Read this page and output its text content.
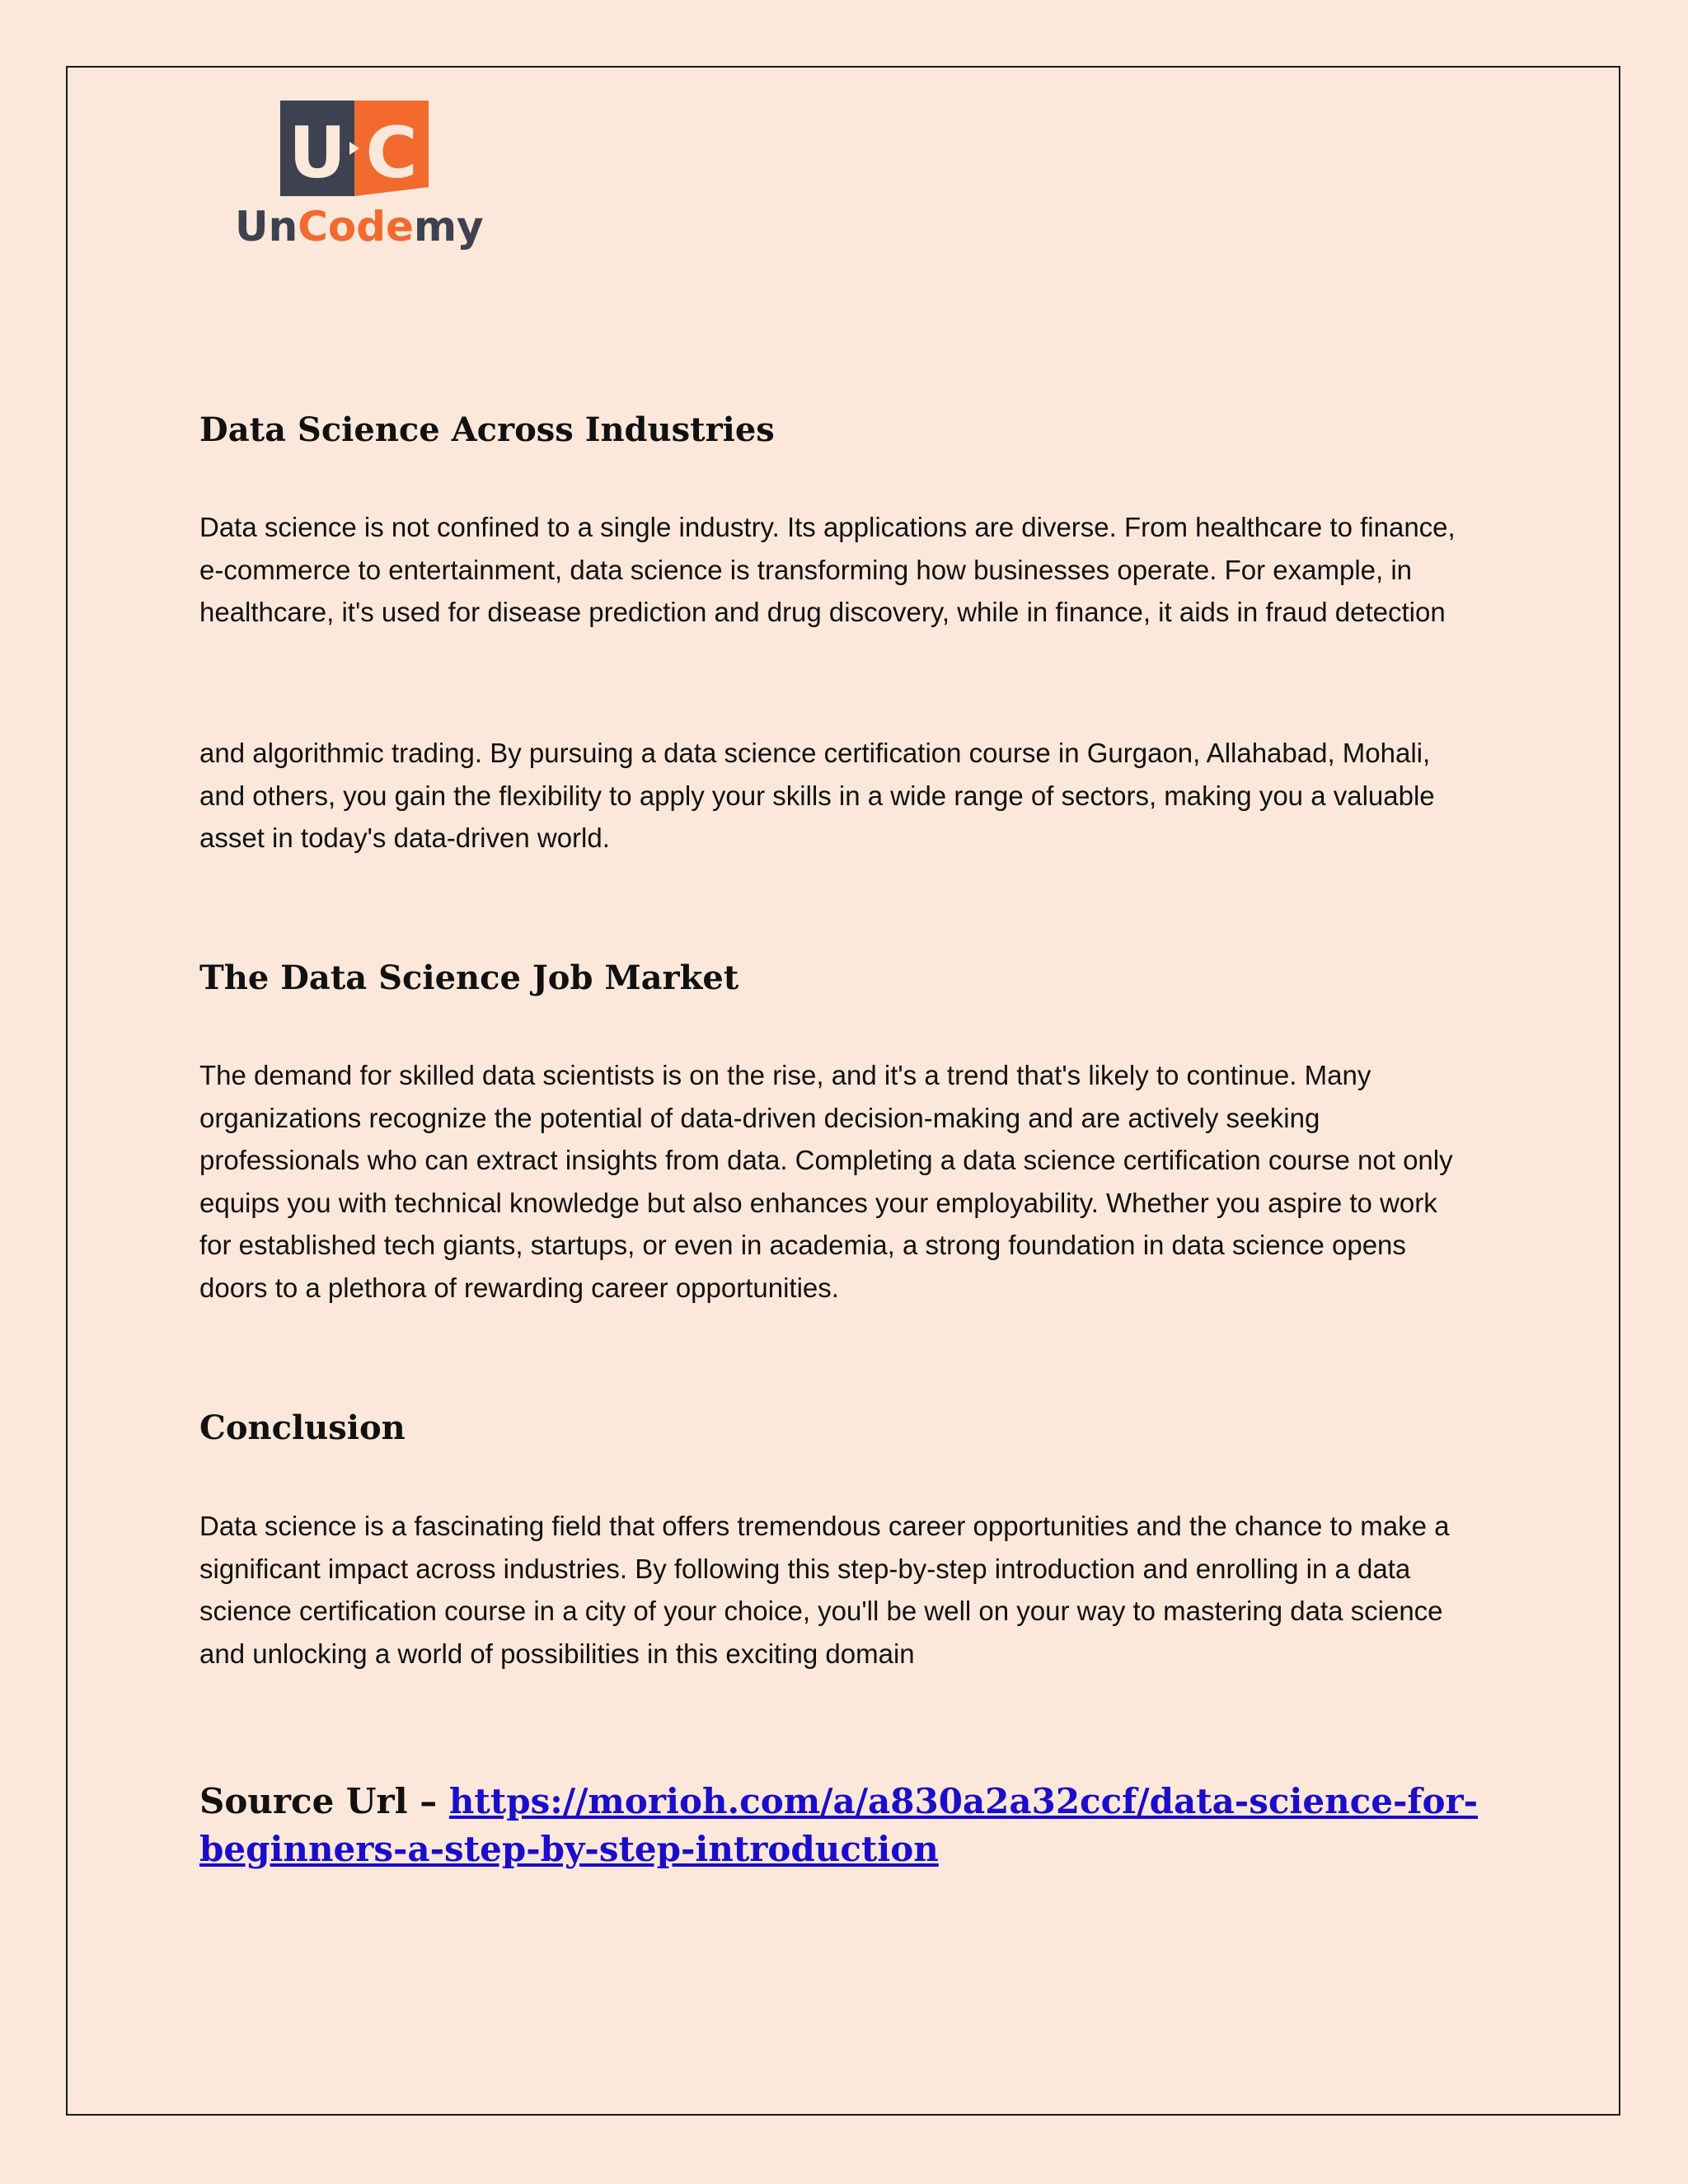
U C
UnCodemy
Data Science Across Industries

Data science is not confined to a single industry. Its applications are diverse. From healthcare to finance,
e-commerce to entertainment, data science is transforming how businesses operate. For example, in
healthcare, it's used for disease prediction and drug discovery, while in finance, it aids in fraud detection

and algorithmic trading. By pursuing a data science certification course in Gurgaon, Allahabad, Mohali,
and others, you gain the flexibility to apply your skills in a wide range of sectors, making you a valuable
asset in today's data-driven world.

The Data Science Job Market

The demand for skilled data scientists is on the rise, and it's a trend that's likely to continue. Many
organizations recognize the potential of data-driven decision-making and are actively seeking
professionals who can extract insights from data. Completing a data science certification course not only
equips you with technical knowledge but also enhances your employability. Whether you aspire to work
for established tech giants, startups, or even in academia, a strong foundation in data science opens
doors to a plethora of rewarding career opportunities.

Conclusion

Data science is a fascinating field that offers tremendous career opportunities and the chance to make a
significant impact across industries. By following this step-by-step introduction and enrolling in a data
science certification course in a city of your choice, you'll be well on your way to mastering data science
and unlocking a world of possibilities in this exciting domain

Source Url – https://morioh.com/a/a830a2a32ccf/data-science-for-
beginners-a-step-by-step-introduction
